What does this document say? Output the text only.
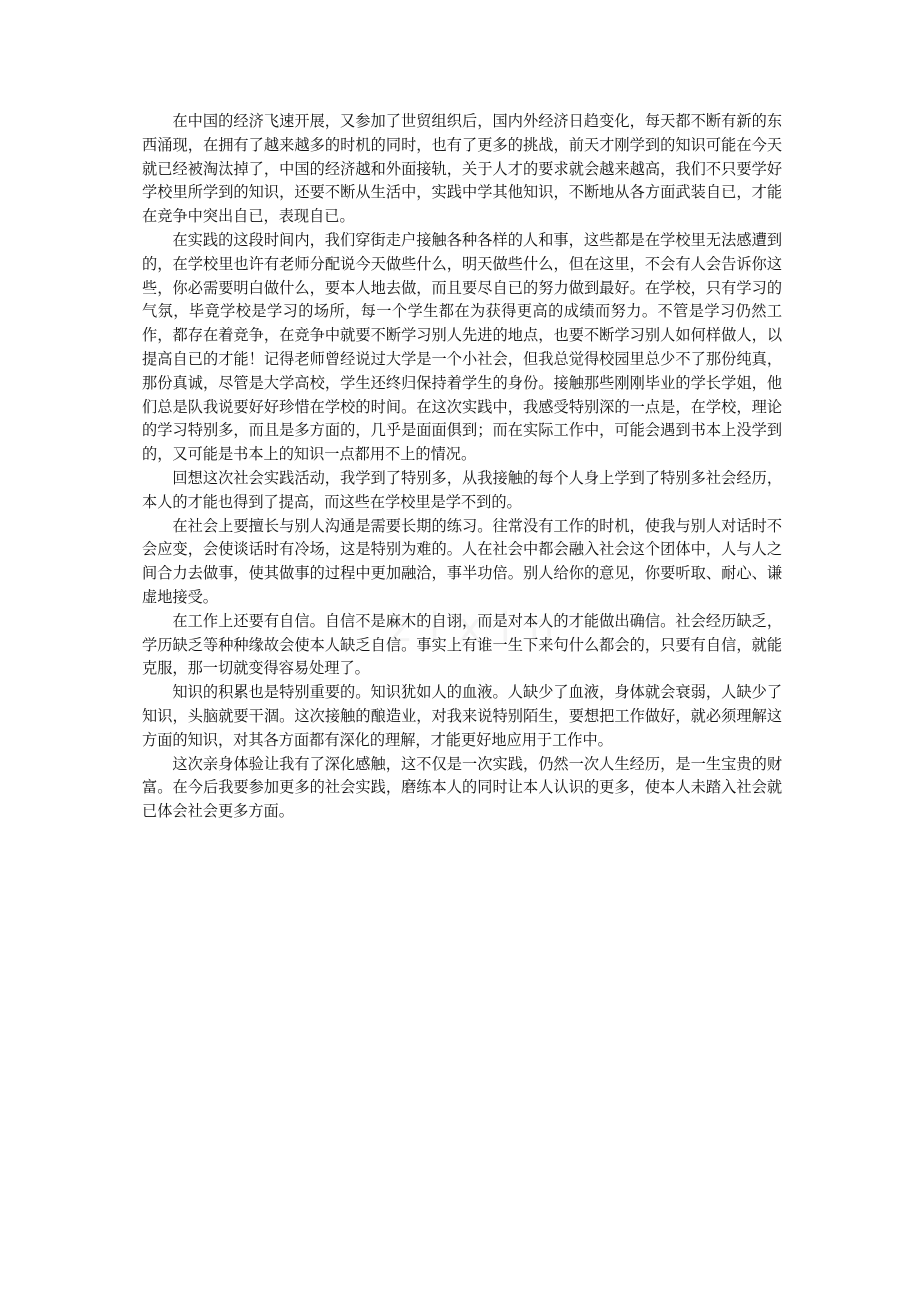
在中国的经济飞速开展，又参加了世贸组织后，国内外经济日趋变化，每天都不断有新的东西涌现，在拥有了越来越多的时机的同时，也有了更多的挑战，前天才刚学到的知识可能在今天就已经被淘汰掉了，中国的经济越和外面接轨，关于人才的要求就会越来越高，我们不只要学好学校里所学到的知识，还要不断从生活中，实践中学其他知识，不断地从各方面武装自已，才能在竞争中突出自已，表现自已。

在实践的这段时间内，我们穿街走户接触各种各样的人和事，这些都是在学校里无法感遭到的，在学校里也许有老师分配说今天做些什么，明天做些什么，但在这里，不会有人会告诉你这些，你必需要明白做什么，要本人地去做，而且要尽自已的努力做到最好。在学校，只有学习的气氛，毕竟学校是学习的场所，每一个学生都在为获得更高的成绩而努力。不管是学习仍然工作，都存在着竞争，在竞争中就要不断学习别人先进的地点，也要不断学习别人如何样做人，以提高自已的才能！记得老师曾经说过大学是一个小社会，但我总觉得校园里总少不了那份纯真，那份真诚，尽管是大学高校，学生还终归保持着学生的身份。接触那些刚刚毕业的学长学姐，他们总是队我说要好好珍惜在学校的时间。在这次实践中，我感受特别深的一点是，在学校，理论的学习特别多，而且是多方面的，几乎是面面俱到；而在实际工作中，可能会遇到书本上没学到的，又可能是书本上的知识一点都用不上的情况。

回想这次社会实践活动，我学到了特别多，从我接触的每个人身上学到了特别多社会经历，本人的才能也得到了提高，而这些在学校里是学不到的。

在社会上要擅长与别人沟通是需要长期的练习。往常没有工作的时机，使我与别人对话时不会应变，会使谈话时有冷场，这是特别为难的。人在社会中都会融入社会这个团体中，人与人之间合力去做事，使其做事的过程中更加融洽，事半功倍。别人给你的意见，你要听取、耐心、谦虚地接受。

在工作上还要有自信。自信不是麻木的自诩，而是对本人的才能做出确信。社会经历缺乏，学历缺乏等种种缘故会使本人缺乏自信。事实上有谁一生下来句什么都会的，只要有自信，就能克服，那一切就变得容易处理了。

知识的积累也是特别重要的。知识犹如人的血液。人缺少了血液，身体就会衰弱，人缺少了知识，头脑就要干涸。这次接触的酿造业，对我来说特别陌生，要想把工作做好，就必须理解这方面的知识，对其各方面都有深化的理解，才能更好地应用于工作中。

这次亲身体验让我有了深化感触，这不仅是一次实践，仍然一次人生经历，是一生宝贵的财富。在今后我要参加更多的社会实践，磨练本人的同时让本人认识的更多，使本人未踏入社会就已体会社会更多方面。
